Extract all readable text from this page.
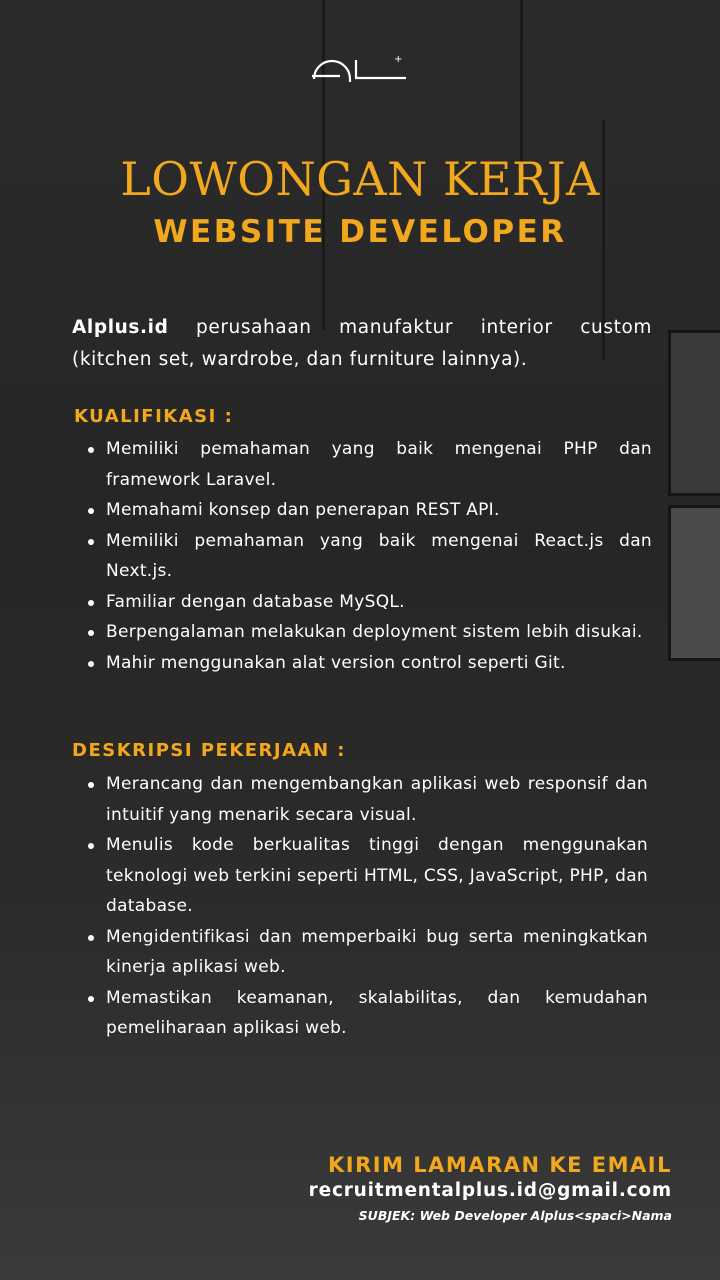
+
LOWONGAN KERJA
WEBSITE DEVELOPER

Alplus.id perusahaan manufaktur interior custom (kitchen set, wardrobe, dan furniture lainnya).

KUALIFIKASI :
Memiliki pemahaman yang baik mengenai PHP dan framework Laravel.
Memahami konsep dan penerapan REST API.
Memiliki pemahaman yang baik mengenai React.js dan Next.js.
Familiar dengan database MySQL.
Berpengalaman melakukan deployment sistem lebih disukai.
Mahir menggunakan alat version control seperti Git.
DESKRIPSI PEKERJAAN :
Merancang dan mengembangkan aplikasi web responsif dan intuitif yang menarik secara visual.
Menulis kode berkualitas tinggi dengan menggunakan teknologi web terkini seperti HTML, CSS, JavaScript, PHP, dan database.
Mengidentifikasi dan memperbaiki bug serta meningkatkan kinerja aplikasi web.
Memastikan keamanan, skalabilitas, dan kemudahan pemeliharaan aplikasi web.
KIRIM LAMARAN KE EMAIL
recruitmentalplus.id@gmail.com
SUBJEK: Web Developer Alplus<spaci>Nama
